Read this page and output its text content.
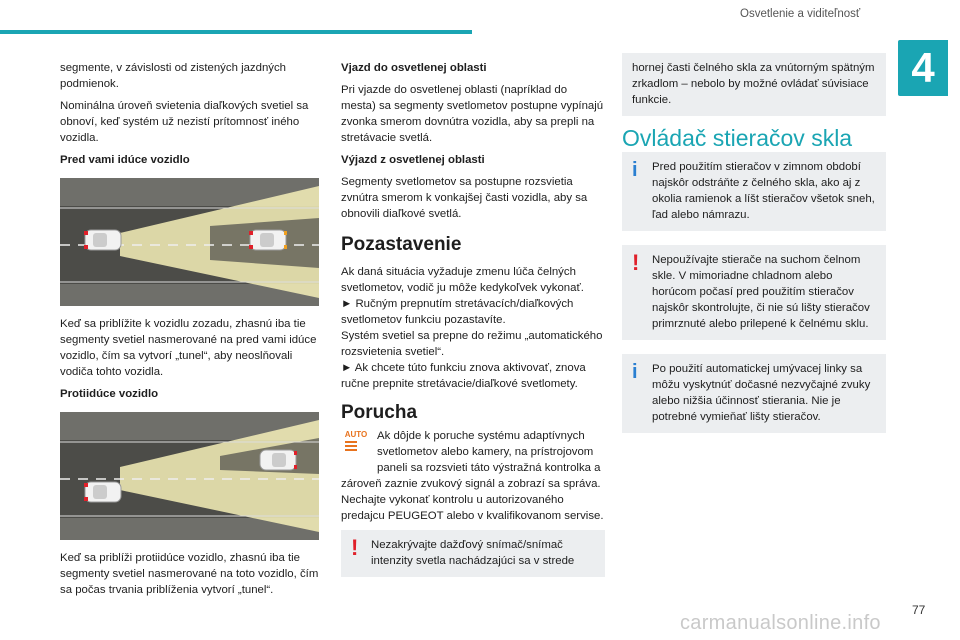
Osvetlenie a viditeľnosť
4

segmente, v závislosti od zistených jazdných podmienok.

Nominálna úroveň svietenia diaľkových svetiel sa obnoví, keď systém už nezistí prítomnosť iného vozidla.

Pred vami idúce vozidlo

Keď sa priblížite k vozidlu zozadu, zhasnú iba tie segmenty svetiel nasmerované na pred vami idúce vozidlo, čím sa vytvorí „tunel“, aby neoslňovali vodiča tohto vozidla.

Protiidúce vozidlo

Keď sa priblíži protiidúce vozidlo, zhasnú iba tie segmenty svetiel nasmerované na toto vozidlo, čím sa počas trvania priblíženia vytvorí „tunel“.

Vjazd do osvetlenej oblasti

Pri vjazde do osvetlenej oblasti (napríklad do mesta) sa segmenty svetlometov postupne vypínajú zvonka smerom dovnútra vozidla, aby sa prepli na stretávacie svetlá.

Výjazd z osvetlenej oblasti

Segmenty svetlometov sa postupne rozsvietia zvnútra smerom k vonkajšej časti vozidla, aby sa obnovili diaľkové svetlá.

Pozastavenie

Ak daná situácia vyžaduje zmenu lúča čelných svetlometov, vodič ju môže kedykoľvek vykonať.

► Ručným prepnutím stretávacích/diaľkových svetlometov funkciu pozastavíte.

Systém svetiel sa prepne do režimu „automatického rozsvietenia svetiel“.

► Ak chcete túto funkciu znova aktivovať, znova ručne prepnite stretávacie/diaľkové svetlomety.

Porucha

AUTO Ak dôjde k poruche systému adaptívnych svetlometov alebo kamery, na prístrojovom paneli sa rozsvieti táto výstražná kontrolka a zároveň zaznie zvukový signál a zobrazí sa správa.

Nechajte vykonať kontrolu u autorizovaného predajcu PEUGEOT alebo v kvalifikovanom servise.

!	Nezakrývajte dažďový snímač/snímač intenzity svetla nachádzajúci sa v strede
hornej časti čelného skla za vnútorným spätným zrkadlom – nebolo by možné ovládať súvisiace funkcie.

Ovládač stieračov skla

i	Pred použitím stieračov v zimnom období najskôr odstráňte z čelného skla, ako aj z okolia ramienok a líšt stieračov všetok sneh, ľad alebo námrazu.
!	Nepoužívajte stierače na suchom čelnom skle. V mimoriadne chladnom alebo horúcom počasí pred použitím stieračov najskôr skontrolujte, či nie sú lišty stieračov primrznuté alebo prilepené k čelnému sklu.
i	Po použití automatickej umývacej linky sa môžu vyskytnúť dočasné nezvyčajné zvuky alebo nižšia účinnosť stierania. Nie je potrebné vymieňať lišty stieračov.
77
carmanualsonline.info
